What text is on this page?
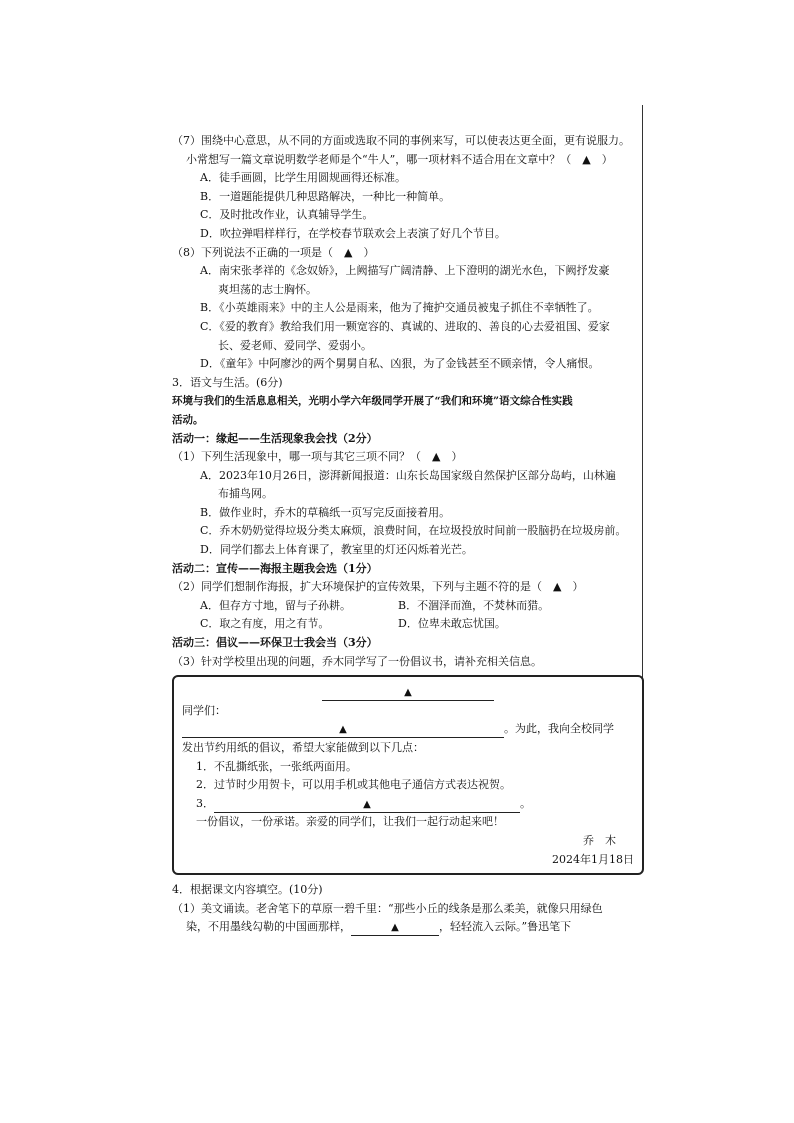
（7）围绕中心意思，从不同的方面或选取不同的事例来写，可以使表达更全面，更有说服力。
小常想写一篇文章说明数学老师是个“牛人”，哪一项材料不适合用在文章中？（　▲　）
A．徒手画圆，比学生用圆规画得还标准。
B．一道题能提供几种思路解决，一种比一种简单。
C．及时批改作业，认真辅导学生。
D．吹拉弹唱样样行，在学校春节联欢会上表演了好几个节目。
（8）下列说法不正确的一项是（　▲　）
A．南宋张孝祥的《念奴娇》，上阙描写广阔清静、上下澄明的湖光水色，下阙抒发豪
爽坦荡的志士胸怀。
B．《小英雄雨来》中的主人公是雨来，他为了掩护交通员被鬼子抓住不幸牺牲了。
C．《爱的教育》教给我们用一颗宽容的、真诚的、进取的、善良的心去爱祖国、爱家
长、爱老师、爱同学、爱弱小。
D．《童年》中阿廖沙的两个舅舅自私、凶狠，为了金钱甚至不顾亲情，令人痛恨。
3．语文与生活。(6分)
环境与我们的生活息息相关，光明小学六年级同学开展了“我们和环境”语文综合性实践
活动。
活动一：缘起——生活现象我会找（2分）
（1）下列生活现象中，哪一项与其它三项不同？（　▲　）
A．2023年10月26日，澎湃新闻报道：山东长岛国家级自然保护区部分岛屿，山林遍
布捕鸟网。
B．做作业时，乔木的草稿纸一页写完反面接着用。
C．乔木奶奶觉得垃圾分类太麻烦，浪费时间，在垃圾投放时间前一股脑扔在垃圾房前。
D．同学们都去上体育课了，教室里的灯还闪烁着光芒。
活动二：宣传——海报主题我会选（1分）
（2）同学们想制作海报，扩大环境保护的宣传效果，下列与主题不符的是（　▲　）
A．但存方寸地，留与子孙耕。	B．不涸泽而渔，不焚林而猎。
C．取之有度，用之有节。	D．位卑未敢忘忧国。
活动三：倡议——环保卫士我会当（3分）
（3）针对学校里出现的问题，乔木同学写了一份倡议书，请补充相关信息。
▲
同学们：
▲	。为此，我向全校同学
发出节约用纸的倡议，希望大家能做到以下几点：
1．不乱撕纸张，一张纸两面用。
2．过节时少用贺卡，可以用手机或其他电子通信方式表达祝贺。
3．	▲	。
一份倡议，一份承诺。亲爱的同学们，让我们一起行动起来吧！
乔　木
2024年1月18日
4．根据课文内容填空。(10分)
（1）美文诵读。老舍笔下的草原一碧千里：“那些小丘的线条是那么柔美，就像只用绿色
染，不用墨线勾勒的中国画那样，	▲	，轻轻流入云际。”鲁迅笔下
